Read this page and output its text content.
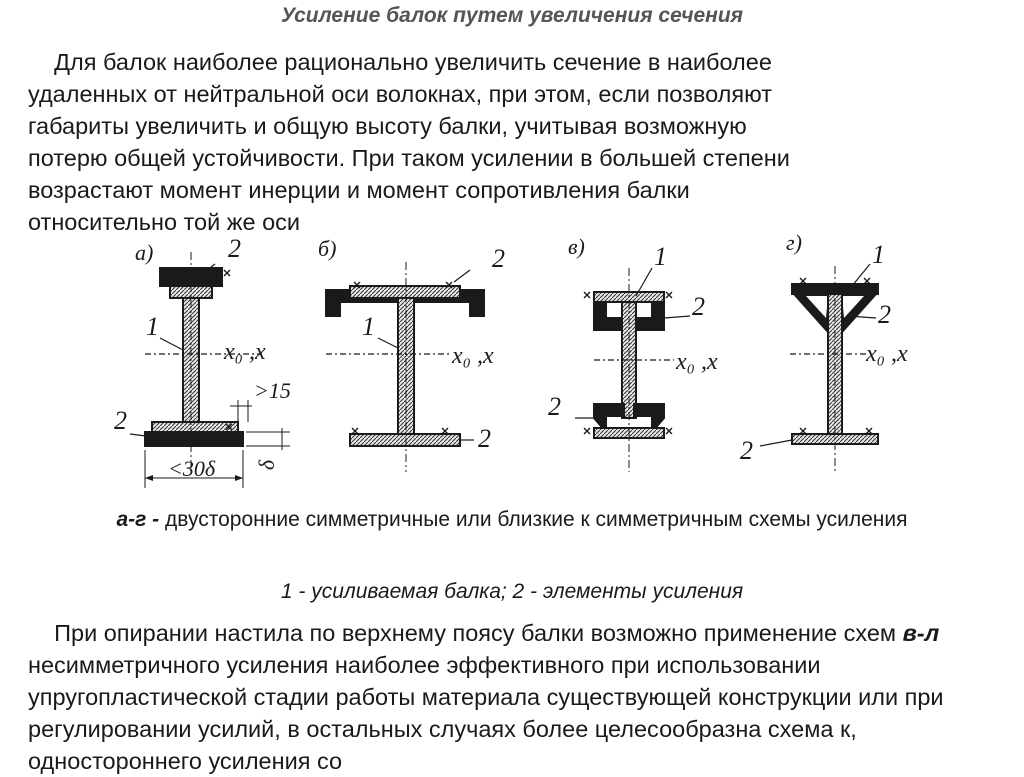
Усиление балок путем увеличения сечения

Для балок наиболее рационально увеличить сечение в наиболее
удаленных от нейтральной оси волокнах, при этом, если позволяют
габариты увеличить и общую высоту балки, учитывая возможную
потерю общей устойчивости. При таком усилении в большей степени
возрастают момент инерции и момент сопротивления балки
относительно той же оси

а)	2
1
2
x₀ ,x
>15
<30δ δ
б)	2
1
2
x₀ ,x
в)	1
2
2
x₀ ,x
г)	1
2
2
x₀ ,x

а-г - двусторонние симметричные или близкие к симметричным схемы усиления

1 - усиливаемая балка; 2 - элементы усиления

При опирании настила по верхнему поясу балки возможно применение схем в-л несимметричного усиления наиболее эффективного при использовании упругопластической стадии работы материала существующей конструкции или при регулировании усилий, в остальных случаях более целесообразна схема к, одностороннего усиления со
